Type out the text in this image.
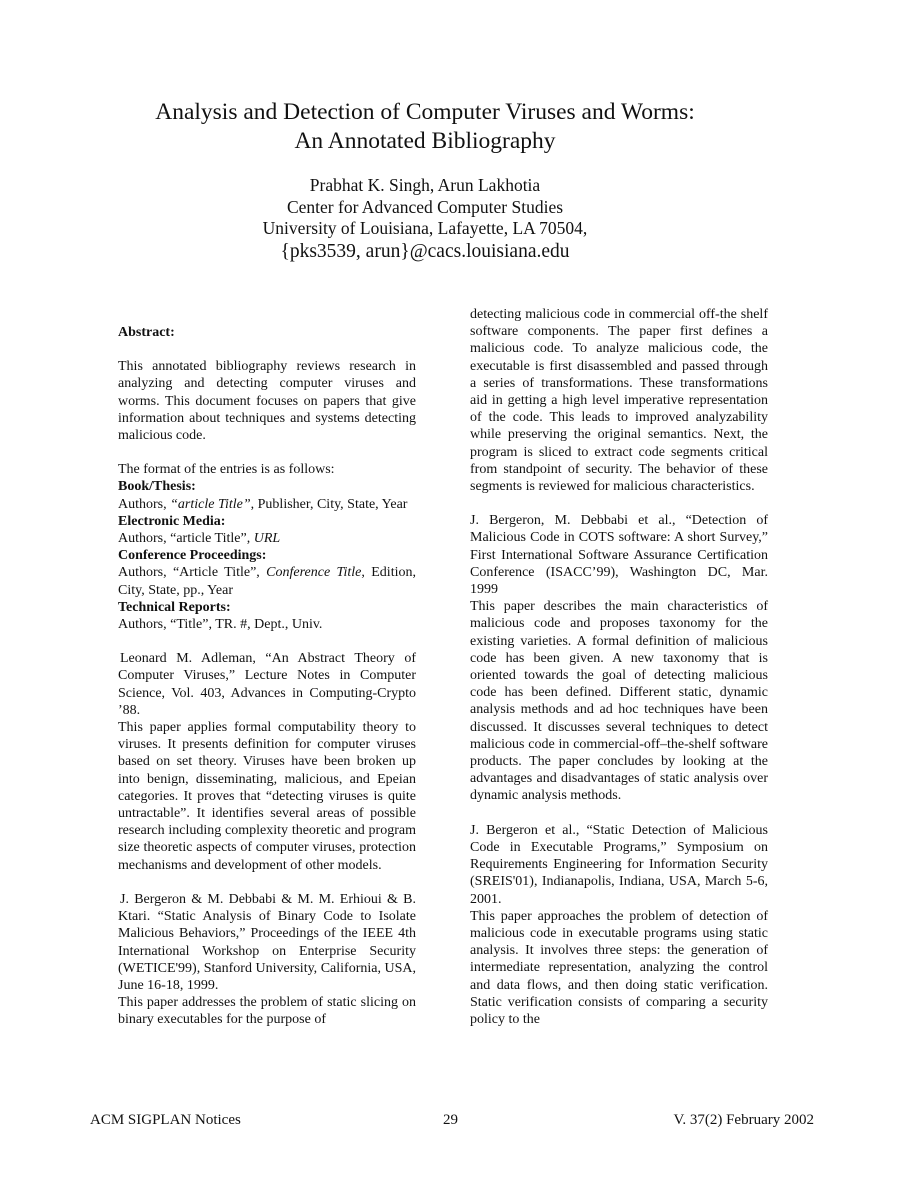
Analysis and Detection of Computer Viruses and Worms:
An Annotated Bibliography
Prabhat K. Singh, Arun Lakhotia
Center for Advanced Computer Studies
University of Louisiana, Lafayette, LA 70504,
{pks3539, arun}@cacs.louisiana.edu
Abstract:

This annotated bibliography reviews research in analyzing and detecting computer viruses and worms. This document focuses on papers that give information about techniques and systems detecting malicious code.

The format of the entries is as follows:

Book/Thesis:

Authors, “article Title”, Publisher, City, State, Year

Electronic Media:

Authors, “article Title”, URL

Conference Proceedings:

Authors, “Article Title”, Conference Title, Edition, City, State, pp., Year

Technical Reports:

Authors, “Title”, TR. #, Dept., Univ.

Leonard M. Adleman, “An Abstract Theory of Computer Viruses,” Lecture Notes in Computer Science, Vol. 403, Advances in Computing-Crypto ’88.

This paper applies formal computability theory to viruses. It presents definition for computer viruses based on set theory. Viruses have been broken up into benign, disseminating, malicious, and Epeian categories. It proves that “detecting viruses is quite untractable”. It identifies several areas of possible research including complexity theoretic and program size theoretic aspects of computer viruses, protection mechanisms and development of other models.

J. Bergeron & M. Debbabi & M. M. Erhioui & B. Ktari. “Static Analysis of Binary Code to Isolate Malicious Behaviors,” Proceedings of the IEEE 4th International Workshop on Enterprise Security (WETICE'99), Stanford University, California, USA, June 16-18, 1999.

This paper addresses the problem of static slicing on binary executables for the purpose of

detecting malicious code in commercial off-the shelf software components. The paper first defines a malicious code. To analyze malicious code, the executable is first disassembled and passed through a series of transformations. These transformations aid in getting a high level imperative representation of the code. This leads to improved analyzability while preserving the original semantics. Next, the program is sliced to extract code segments critical from standpoint of security. The behavior of these segments is reviewed for malicious characteristics.

J. Bergeron, M. Debbabi et al., “Detection of Malicious Code in COTS software: A short Survey,” First International Software Assurance Certification Conference (ISACC’99), Washington DC, Mar. 1999

This paper describes the main characteristics of malicious code and proposes taxonomy for the existing varieties. A formal definition of malicious code has been given. A new taxonomy that is oriented towards the goal of detecting malicious code has been defined. Different static, dynamic analysis methods and ad hoc techniques have been discussed. It discusses several techniques to detect malicious code in commercial-off–the-shelf software products. The paper concludes by looking at the advantages and disadvantages of static analysis over dynamic analysis methods.

J. Bergeron et al., “Static Detection of Malicious Code in Executable Programs,” Symposium on Requirements Engineering for Information Security (SREIS'01), Indianapolis, Indiana, USA, March 5-6, 2001.

This paper approaches the problem of detection of malicious code in executable programs using static analysis. It involves three steps: the generation of intermediate representation, analyzing the control and data flows, and then doing static verification. Static verification consists of comparing a security policy to the

ACM SIGPLAN Notices	29	V. 37(2) February 2002
